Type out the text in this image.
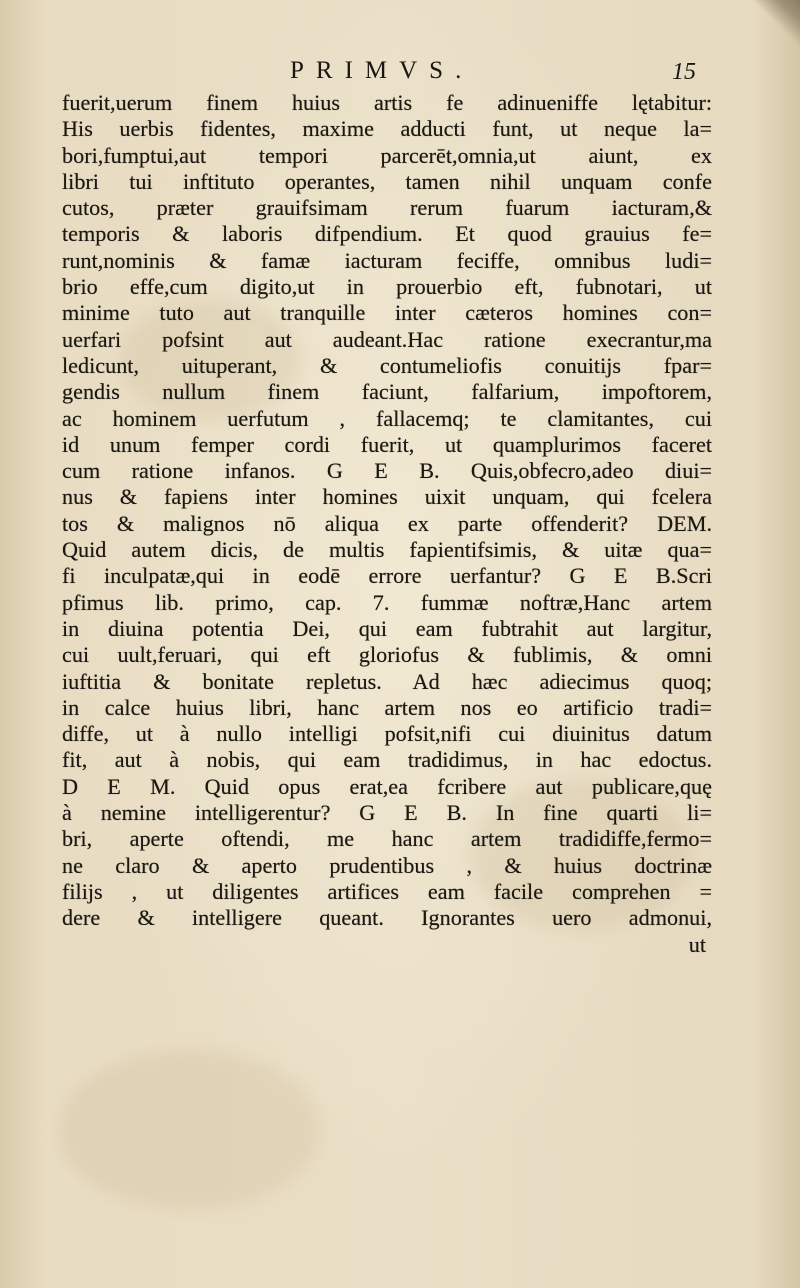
PRIMVS.	15
fuerit,uerum finem huius artis fe adinueniffe lętabitur:
His uerbis fidentes, maxime adducti funt, ut neque la=
bori,fumptui,aut tempori parcerēt,omnia,ut aiunt, ex
libri tui inftituto operantes, tamen nihil unquam confe
cutos, præter grauifsimam rerum fuarum iacturam,&
temporis & laboris difpendium. Et quod grauius fe=
runt,nominis & famæ iacturam feciffe, omnibus ludi=
brio effe,cum digito,ut in prouerbio eft, fubnotari, ut
minime tuto aut tranquille inter cæteros homines con=
uerfari pofsint aut audeant.Hac ratione execrantur,ma
ledicunt, uituperant, & contumeliofis conuitijs fpar=
gendis nullum finem faciunt, falfarium, impoftorem,
ac hominem uerfutum , fallacemq; te clamitantes, cui
id unum femper cordi fuerit, ut quamplurimos faceret
cum ratione infanos. G E B. Quis,obfecro,adeo diui=
nus & fapiens inter homines uixit unquam, qui fcelera
tos & malignos nō aliqua ex parte offenderit? DEM.
Quid autem dicis, de multis fapientifsimis, & uitæ qua=
fi inculpatæ,qui in eodē errore uerfantur? G E B.Scri
pfimus lib. primo, cap. 7. fummæ noftræ,Hanc artem
in diuina potentia Dei, qui eam fubtrahit aut largitur,
cui uult,feruari, qui eft gloriofus & fublimis, & omni
iuftitia & bonitate repletus. Ad hæc adiecimus quoq;
in calce huius libri, hanc artem nos eo artificio tradi=
diffe, ut à nullo intelligi pofsit,nifi cui diuinitus datum
fit, aut à nobis, qui eam tradidimus, in hac edoctus.
D E M. Quid opus erat,ea fcribere aut publicare,quę
à nemine intelligerentur? G E B. In fine quarti li=
bri, aperte oftendi, me hanc artem tradidiffe,fermo=
ne claro & aperto prudentibus , & huius doctrinæ
filijs , ut diligentes artifices eam facile comprehen =
dere & intelligere queant. Ignorantes uero admonui,
ut
